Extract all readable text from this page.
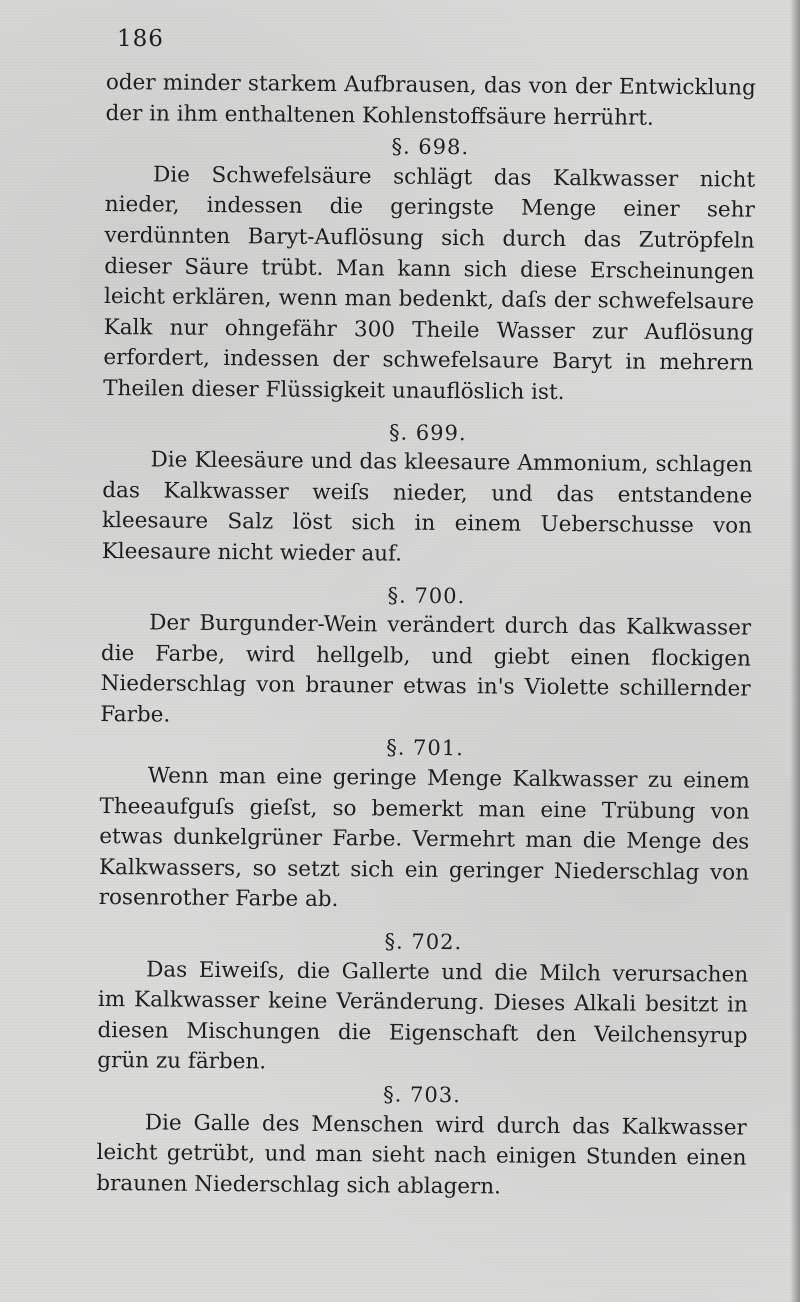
186

oder minder starkem Aufbrausen, das von der Entwicklung der in ihm enthaltenen Kohlenstoffsäure herrührt.

§. 698.

Die Schwefelsäure schlägt das Kalkwasser nicht nieder, indessen die geringste Menge einer sehr verdünnten Baryt-Auflösung sich durch das Zutröpfeln dieser Säure trübt. Man kann sich diese Erscheinungen leicht erklären, wenn man bedenkt, daſs der schwefelsaure Kalk nur ohngefähr 300 Theile Wasser zur Auflösung erfordert, indessen der schwefelsaure Baryt in mehrern Theilen dieser Flüssigkeit unauflöslich ist.

§. 699.

Die Kleesäure und das kleesaure Ammonium, schlagen das Kalkwasser weiſs nieder, und das entstandene kleesaure Salz löst sich in einem Ueberschusse von Kleesaure nicht wieder auf.

§. 700.

Der Burgunder-Wein verändert durch das Kalkwasser die Farbe, wird hellgelb, und giebt einen flockigen Niederschlag von brauner etwas in's Violette schillernder Farbe.

§. 701.

Wenn man eine geringe Menge Kalkwasser zu einem Theeaufguſs gieſst, so bemerkt man eine Trübung von etwas dunkelgrüner Farbe. Vermehrt man die Menge des Kalkwassers, so setzt sich ein geringer Niederschlag von rosenrother Farbe ab.

§. 702.

Das Eiweiſs, die Gallerte und die Milch verursachen im Kalkwasser keine Veränderung. Dieses Alkali besitzt in diesen Mischungen die Eigenschaft den Veilchensyrup grün zu färben.

§. 703.

Die Galle des Menschen wird durch das Kalkwasser leicht getrübt, und man sieht nach einigen Stunden einen braunen Niederschlag sich ablagern.
